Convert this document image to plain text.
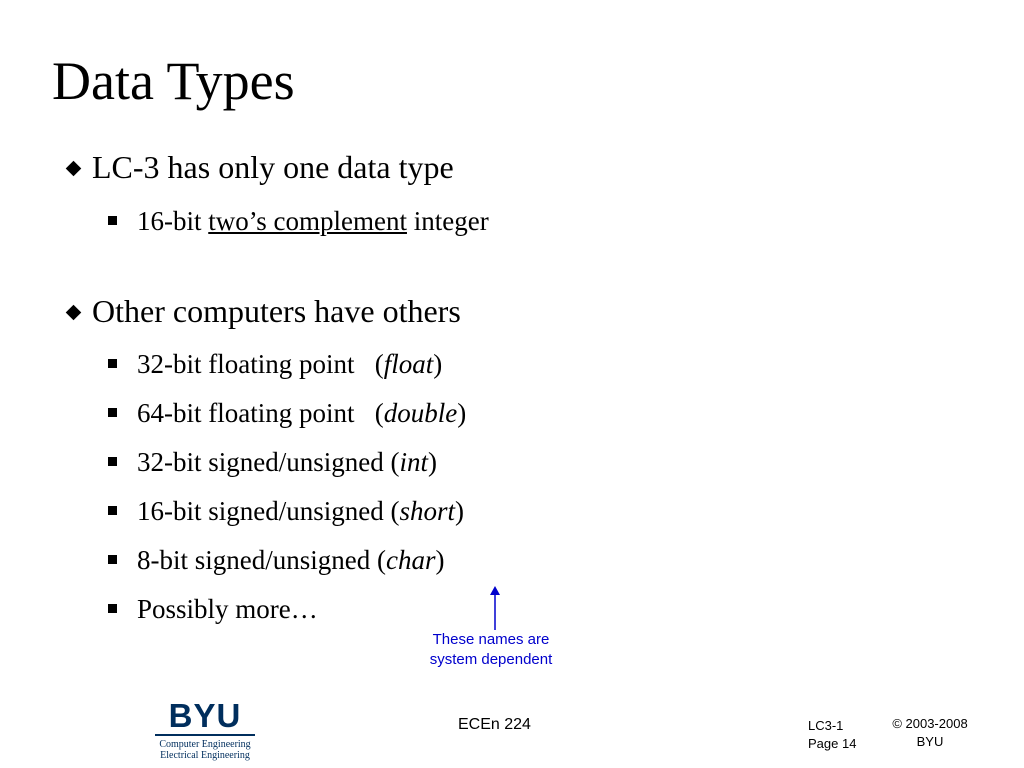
Data Types
LC-3 has only one data type
16-bit two’s complement integer
Other computers have others
32-bit floating point   (float)
64-bit floating point   (double)
32-bit signed/unsigned (int)
16-bit signed/unsigned (short)
8-bit signed/unsigned (char)
Possibly more…
These names are
system dependent
BYU
Computer Engineering
Electrical Engineering
ECEn 224	LC3-1
Page 14
© 2003-2008
BYU
